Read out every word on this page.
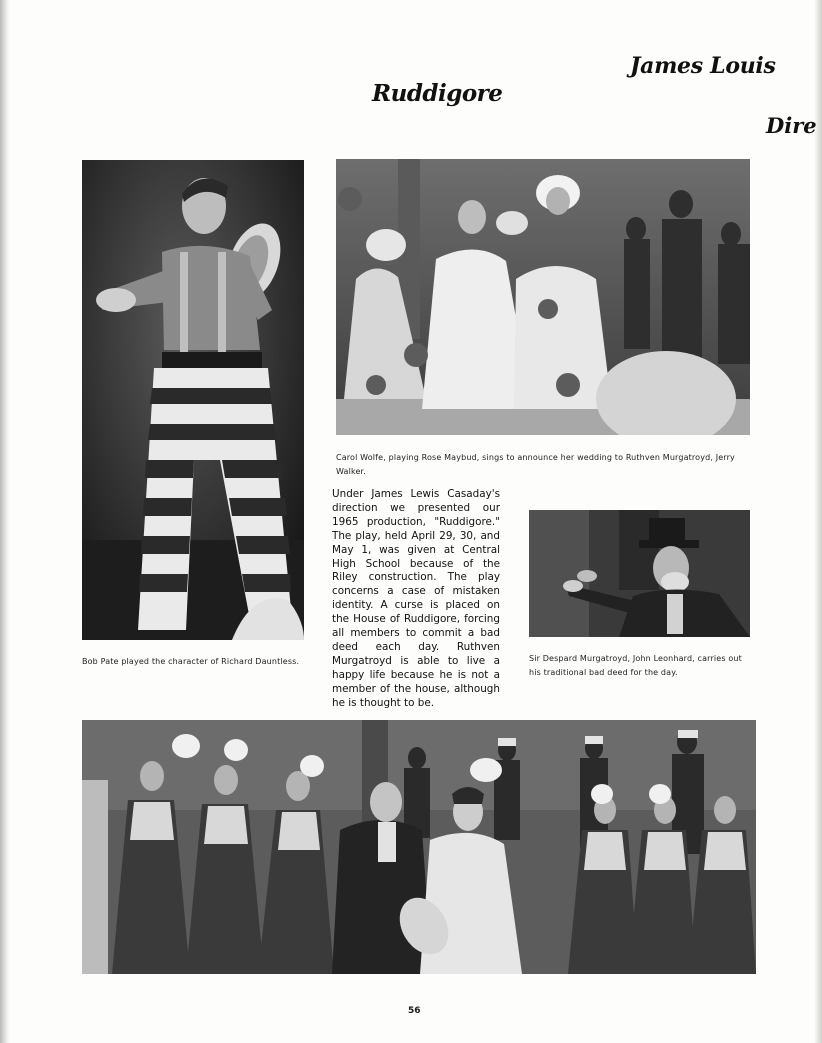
Ruddigore
James Louis
Dire
Carol Wolfe, playing Rose Maybud, sings to announce her wedding to Ruthven Murgatroyd, Jerry Walker.
Bob Pate played the character of Richard Dauntless.	Sir Despard Murgatroyd, John Leonhard, carries out his traditional bad deed for the day.
Under James Lewis Casaday's direction we presented our 1965 production, "Ruddigore." The play, held April 29, 30, and May 1, was given at Central High School because of the Riley construction. The play concerns a case of mistaken identity. A curse is placed on the House of Ruddigore, forcing all members to commit a bad deed each day. Ruthven Murgatroyd is able to live a happy life because he is not a member of the house, although he is thought to be.
56
